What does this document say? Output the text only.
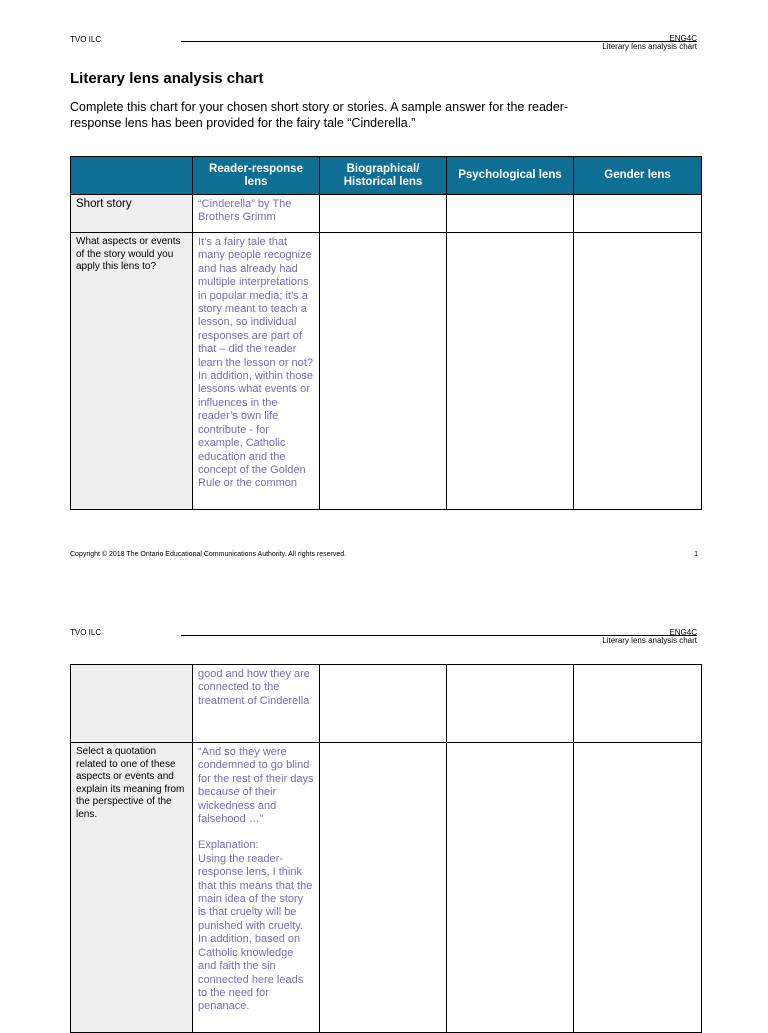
TVO ILC	ENG4C
Literary lens analysis chart
Literary lens analysis chart
Complete this chart for your chosen short story or stories. A sample answer for the reader-response lens has been provided for the fairy tale “Cinderella.”
	Reader-response lens	Biographical/ Historical lens	Psychological lens	Gender lens
Short story	“Cinderella” by The Brothers Grimm			
What aspects or events of the story would you apply this lens to?	It’s a fairy tale that many people recognize and has already had multiple interpretations in popular media; it’s a story meant to teach a lesson, so individual responses are part of that – did the reader learn the lesson or not?In addition, within those lessons what events or influences in the reader’s own life contribute - for example, Catholic education and the concept of the Golden Rule or the common			
Copyright © 2018 The Ontario Educational Communications Authority. All rights reserved.	1
TVO ILC	ENG4C
Literary lens analysis chart
	good and how they are connected to the treatment of Cinderella			
Select a quotation related to one of these aspects or events and explain its meaning from the perspective of the lens.	“And so they were condemned to go blind for the rest of their days because of their wickedness and falsehood …”
Explanation:
Using the reader-response lens, I think that this means that the main idea of the story is that cruelty will be punished with cruelty. In addition, based on Catholic knowledge and faith the sin connected here leads to the need for penanace.			
